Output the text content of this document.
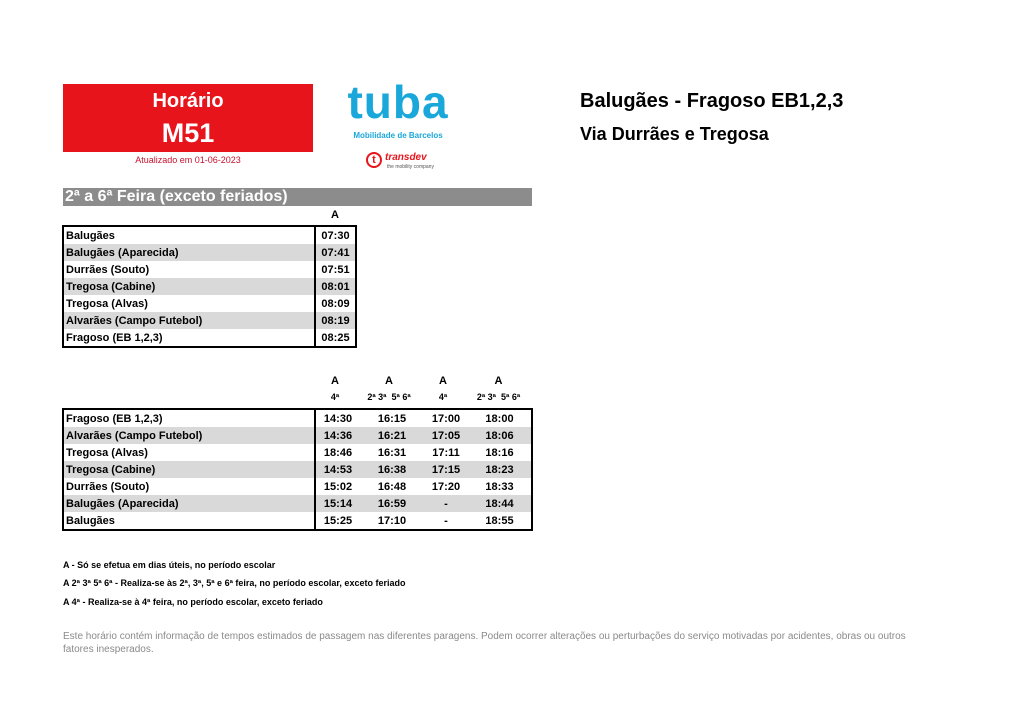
Horário
M51
Atualizado em 01-06-2023
tuba
Mobilidade de Barcelos
t transdev
the mobility company
Balugães - Fragoso EB1,2,3
Via Durrães e Tregosa
2ª a 6ª Feira (exceto feriados)
A
Balugães	07:30
Balugães (Aparecida)	07:41
Durrães (Souto)	07:51
Tregosa (Cabine)	08:01
Tregosa (Alvas)	08:09
Alvarães (Campo Futebol)	08:19
Fragoso (EB 1,2,3)	08:25
A	A	A	A
4ª	2ª 3ª  5ª 6ª	4ª	2ª 3ª  5ª 6ª
Fragoso (EB 1,2,3)	14:30	16:15	17:00	18:00
Alvarães (Campo Futebol)	14:36	16:21	17:05	18:06
Tregosa (Alvas)	18:46	16:31	17:11	18:16
Tregosa (Cabine)	14:53	16:38	17:15	18:23
Durrães (Souto)	15:02	16:48	17:20	18:33
Balugães (Aparecida)	15:14	16:59	-	18:44
Balugães	15:25	17:10	-	18:55
A - Só se efetua em dias úteis, no período escolar
A 2ª 3ª 5ª 6ª - Realiza-se às 2ª, 3ª, 5ª e 6ª feira, no período escolar, exceto feriado
A 4ª - Realiza-se à 4ª feira, no período escolar, exceto feriado
Este horário contém informação de tempos estimados de passagem nas diferentes paragens. Podem ocorrer alterações ou perturbações do serviço motivadas por acidentes, obras ou outros fatores inesperados.
